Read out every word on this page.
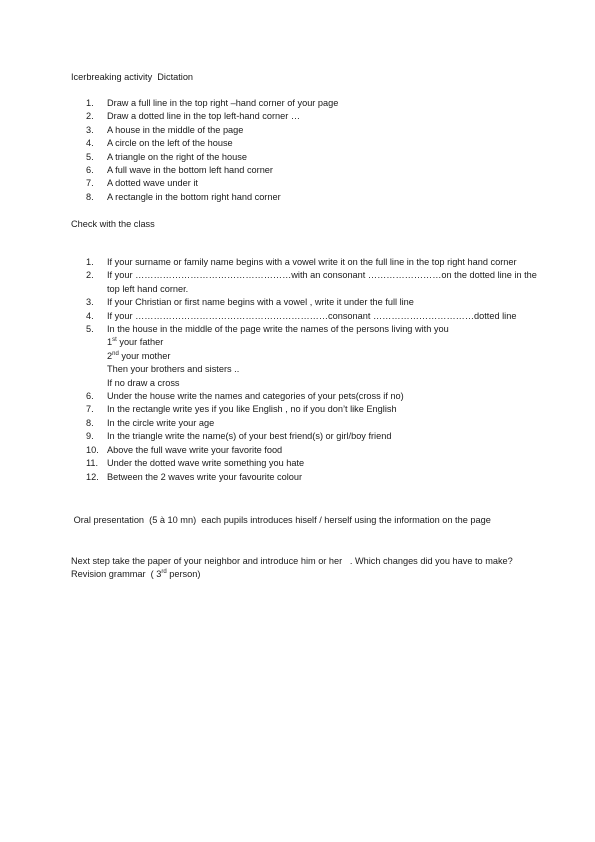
Icerbreaking activity  Dictation
1.	Draw a full line in the top right –hand corner of your page
2.	Draw a dotted line in the top left-hand corner …
3.	A house in the middle of the page
4.	A circle on the left of the house
5.	A triangle on the right of the house
6.	A full wave in the bottom left hand corner
7.	A dotted wave under it
8.	A rectangle in the bottom right hand corner
Check with the class
1.	If your surname or family name begins with a vowel write it on the full line in the top right hand corner
2.	If your ……………………………………………with an consonant ……………………on the dotted line in the top left hand corner.
3.	If your Christian or first name begins with a vowel , write it under the full line
4.	If your ………………………………………………………consonant ……………………………dotted line
5.	In the house in the middle of the page write the names of the persons living with you
1st your father
2nd your mother
Then your brothers and sisters ..
If no draw a cross
6.	Under the house write the names and categories of your pets(cross if no)
7.	In the rectangle write yes if you like English , no if you don’t like English
8.	In the circle write your age
9.	In the triangle write the name(s) of your best friend(s) or girl/boy friend
10. Above the full wave write your favorite food
11. Under the dotted wave write something you hate
12. Between the 2 waves write your favourite colour
Oral presentation  (5 à 10 mn)  each pupils introduces hiself / herself using the information on the page
Next step take the paper of your neighbor and introduce him or her   . Which changes did you have to make?  Revision grammar  ( 3rd person)
